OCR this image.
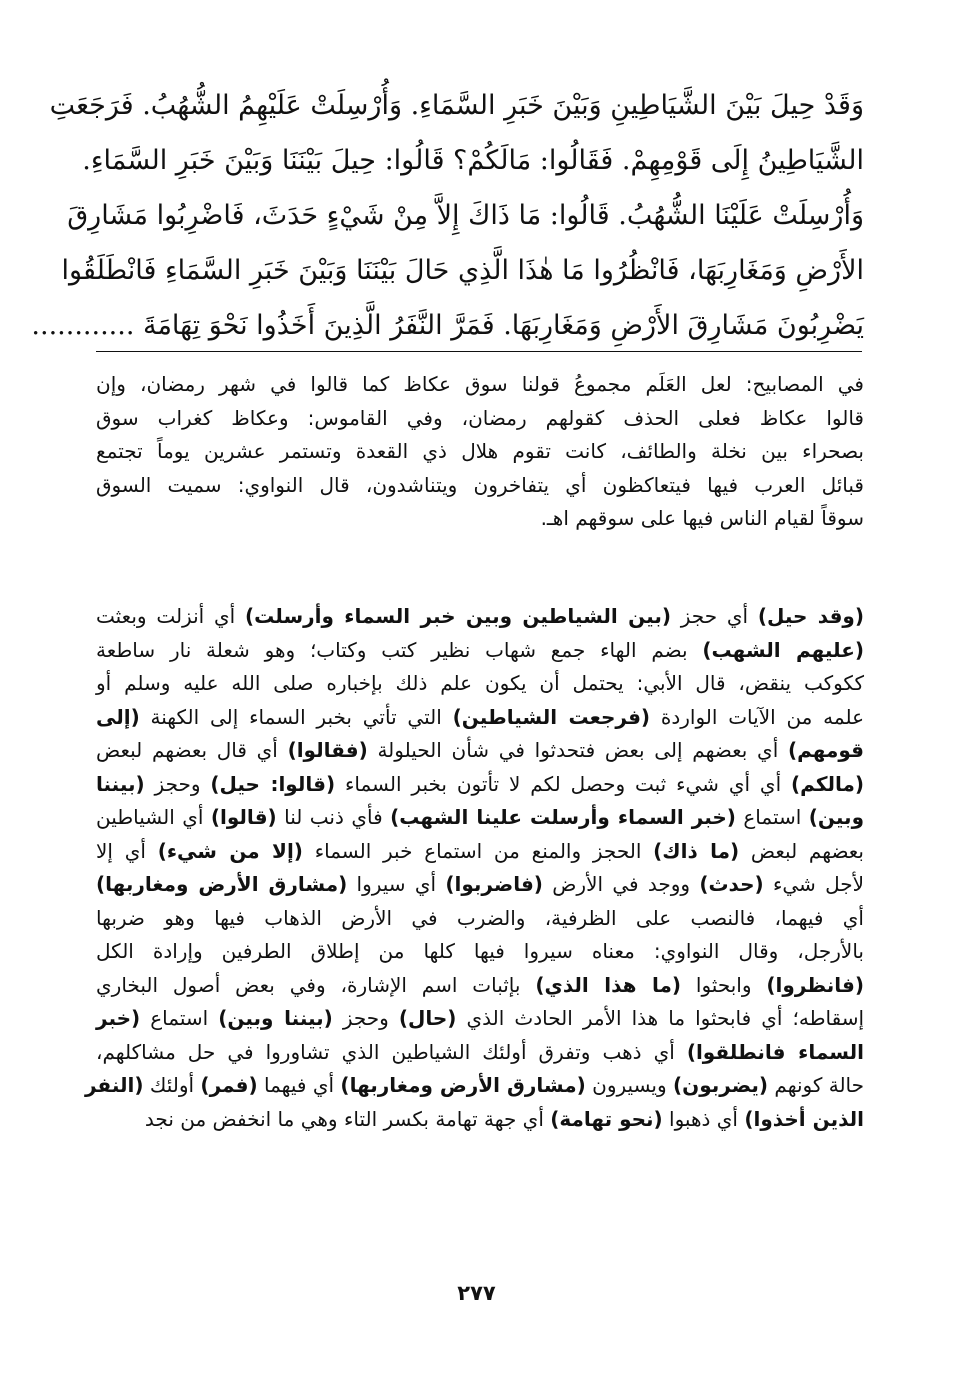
وَقَدْ حِيلَ بَيْنَ الشَّيَاطِينِ وَبَيْنَ خَبَرِ السَّمَاءِ. وَأُرْسِلَتْ عَلَيْهِمُ الشُّهُبُ. فَرَجَعَتِ
الشَّيَاطِينُ إِلَى قَوْمِهِمْ. فَقَالُوا: مَالَكُمْ؟ قَالُوا: حِيلَ بَيْنَنَا وَبَيْنَ خَبَرِ السَّمَاءِ.
وَأُرْسِلَتْ عَلَيْنَا الشُّهُبُ. قَالُوا: مَا ذَاكَ إِلاَّ مِنْ شَيْءٍ حَدَثَ، فَاضْرِبُوا مَشَارِقَ
الأَرْضِ وَمَغَارِبَهَا، فَانْظُرُوا مَا هٰذَا الَّذِي حَالَ بَيْنَنَا وَبَيْنَ خَبَرِ السَّمَاءِ فَانْطَلَقُوا
يَضْرِبُونَ مَشَارِقَ الأَرْضِ وَمَغَارِبَهَا. فَمَرَّ النَّفَرُ الَّذِينَ أَخَذُوا نَحْوَ تِهَامَةَ ............
في المصابيح: لعل العَلَم مجموعُ قولنا سوق عكاظ كما قالوا في شهر رمضان، وإن
قالوا عكاظ فعلى الحذف كقولهم رمضان، وفي القاموس: وعكاظ كغراب سوق
بصحراء بين نخلة والطائف، كانت تقوم هلال ذي القعدة وتستمر عشرين يوماً تجتمع
قبائل العرب فيها فيتعاكظون أي يتفاخرون ويتناشدون، قال النواوي: سميت السوق
سوقاً لقيام الناس فيها على سوقهم اهـ.
(وقد حيل) أي حجز (بين الشياطين وبين خبر السماء وأرسلت) أي أنزلت وبعثت
(عليهم الشهب) بضم الهاء جمع شهاب نظير كتب وكتاب؛ وهو شعلة نار ساطعة
ككوكب ينقض، قال الأبي: يحتمل أن يكون علم ذلك بإخباره صلى الله عليه وسلم أو
علمه من الآيات الواردة (فرجعت الشياطين) التي تأتي بخبر السماء إلى الكهنة (إلى
قومهم) أي بعضهم إلى بعض فتحدثوا في شأن الحيلولة (فقالوا) أي قال بعضهم لبعض
(مالكم) أي أي شيء ثبت وحصل لكم لا تأتون بخبر السماء (قالوا: حيل) وحجز (بيننا
وبين) استماع (خبر السماء وأرسلت علينا الشهب) فأي ذنب لنا (قالوا) أي الشياطين
بعضهم لبعض (ما ذاك) الحجز والمنع من استماع خبر السماء (إلا من شيء) أي إلا
لأجل شيء (حدث) ووجد في الأرض (فاضربوا) أي سيروا (مشارق الأرض ومغاربها)
أي فيهما، فالنصب على الظرفية، والضرب في الأرض الذهاب فيها وهو ضربها
بالأرجل، وقال النواوي: معناه سيروا فيها كلها من إطلاق الطرفين وإرادة الكل
(فانظروا) وابحثوا (ما هذا الذي) بإثبات اسم الإشارة، وفي بعض أصول البخاري
إسقاطه؛ أي فابحثوا ما هذا الأمر الحادث الذي (حال) وحجز (بيننا وبين) استماع (خبر
السماء فانطلقوا) أي ذهب وتفرق أولئك الشياطين الذي تشاوروا في حل مشاكلهم،
حالة كونهم (يضربون) ويسيرون (مشارق الأرض ومغاربها) أي فيهما (فمر) أولئك (النفر
الذين أخذوا) أي ذهبوا (نحو تهامة) أي جهة تهامة بكسر التاء وهي ما انخفض من نجد
٢٧٧
